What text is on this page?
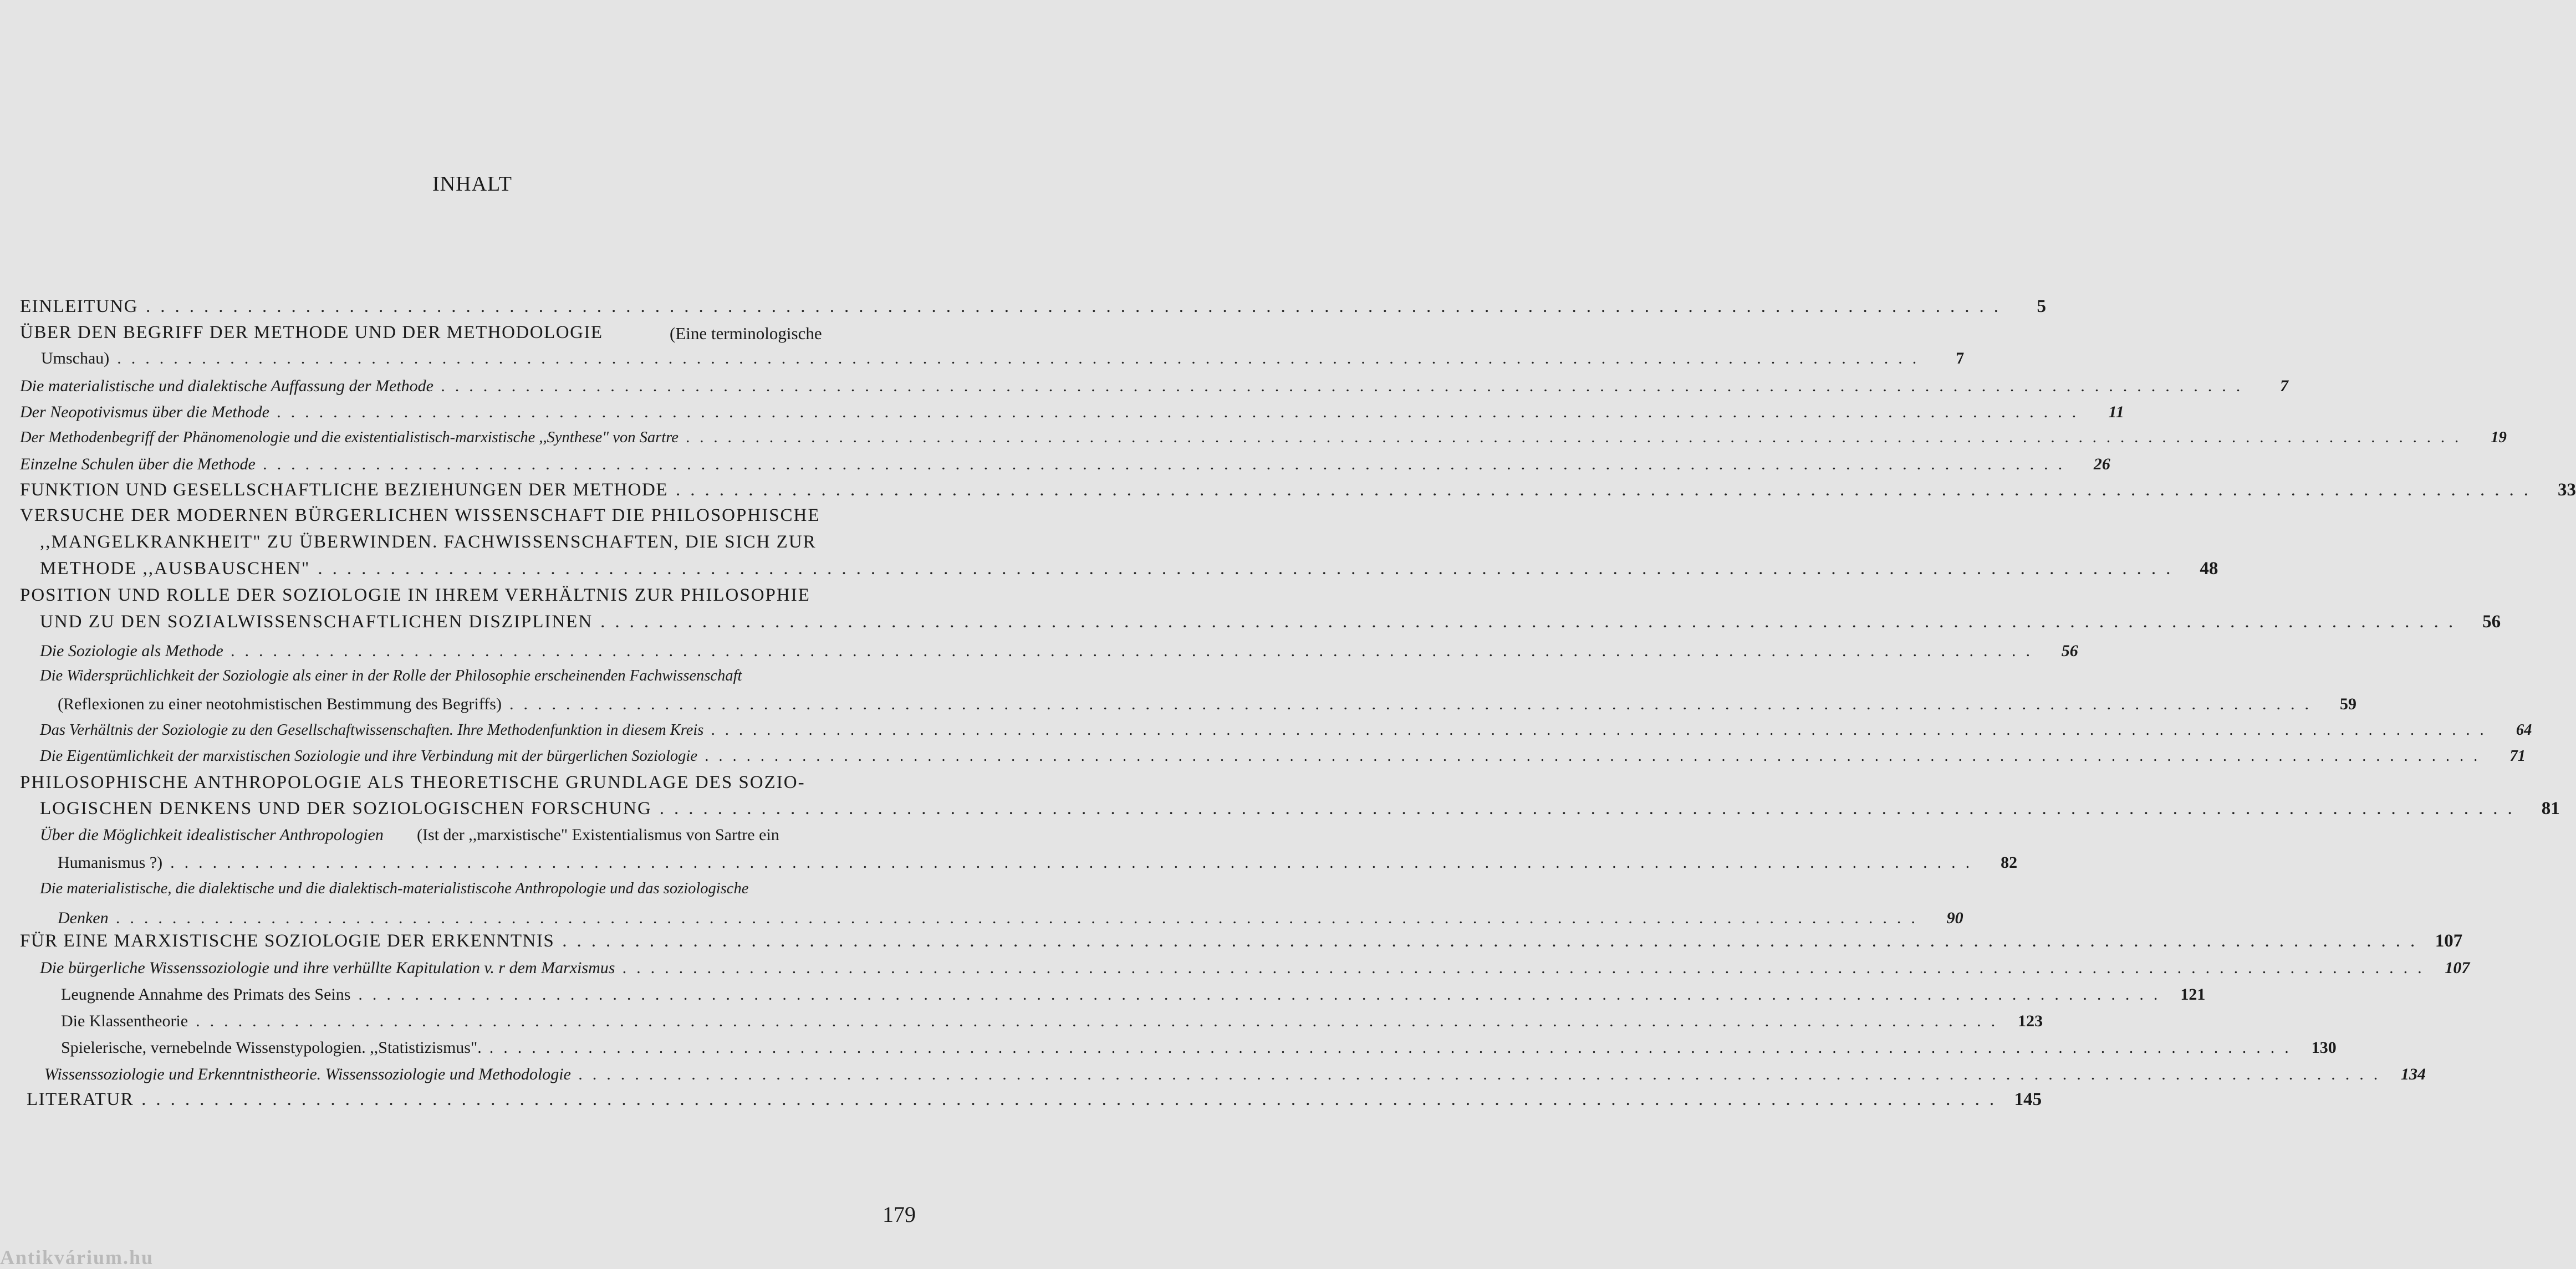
INHALT
EINLEITUNG ................................................................................................................................	5
ÜBER DEN BEGRIFF DER METHODE UND DER METHODOLOGIE	(Eine terminologische
Umschau) ................................................................................................................................	7
Die materialistische und dialektische Auffassung der Methode ................................................................................................................................	7
Der Neopotivismus über die Methode ................................................................................................................................	11
Der Methodenbegriff der Phänomenologie und die existentialistisch-marxistische ,,Synthese" von Sartre ................................................................................................................................	19
Einzelne Schulen über die Methode ................................................................................................................................	26
FUNKTION UND GESELLSCHAFTLICHE BEZIEHUNGEN DER METHODE ................................................................................................................................	33
VERSUCHE DER MODERNEN BÜRGERLICHEN WISSENSCHAFT DIE PHILOSOPHISCHE
,,MANGELKRANKHEIT" ZU ÜBERWINDEN. FACHWISSENSCHAFTEN, DIE SICH ZUR
METHODE ,,AUSBAUSCHEN" ................................................................................................................................	48
POSITION UND ROLLE DER SOZIOLOGIE IN IHREM VERHÄLTNIS ZUR PHILOSOPHIE
UND ZU DEN SOZIALWISSENSCHAFTLICHEN DISZIPLINEN ................................................................................................................................	56
Die Soziologie als Methode ................................................................................................................................	56
Die Widersprüchlichkeit der Soziologie als einer in der Rolle der Philosophie erscheinenden Fachwissenschaft
(Reflexionen zu einer neotohmistischen Bestimmung des Begriffs) ................................................................................................................................	59
Das Verhältnis der Soziologie zu den Gesellschaftwissenschaften. Ihre Methodenfunktion in diesem Kreis ................................................................................................................................	64
Die Eigentümlichkeit der marxistischen Soziologie und ihre Verbindung mit der bürgerlichen Soziologie ................................................................................................................................	71
PHILOSOPHISCHE ANTHROPOLOGIE ALS THEORETISCHE GRUNDLAGE DES SOZIO-
LOGISCHEN DENKENS UND DER SOZIOLOGISCHEN FORSCHUNG ................................................................................................................................	81
Über die Möglichkeit idealistischer Anthropologien (Ist der ,,marxistische" Existentialismus von Sartre ein
Humanismus ?) ................................................................................................................................	82
Die materialistische, die dialektische und die dialektisch-materialistiscohe Anthropologie und das soziologische
Denken ................................................................................................................................	90
FÜR EINE MARXISTISCHE SOZIOLOGIE DER ERKENNTNIS ................................................................................................................................ 107
Die bürgerliche Wissenssoziologie und ihre verhüllte Kapitulation v. r dem Marxismus ................................................................................................................................ 107
Leugnende Annahme des Primats des Seins ................................................................................................................................ 121
Die Klassentheorie ................................................................................................................................ 123
Spielerische, vernebelnde Wissenstypologien. ,,Statistizismus". ................................................................................................................................ 130
Wissenssoziologie und Erkenntnistheorie. Wissenssoziologie und Methodologie ................................................................................................................................ 134
LITERATUR ................................................................................................................................ 145
179
Antikvárium.hu
